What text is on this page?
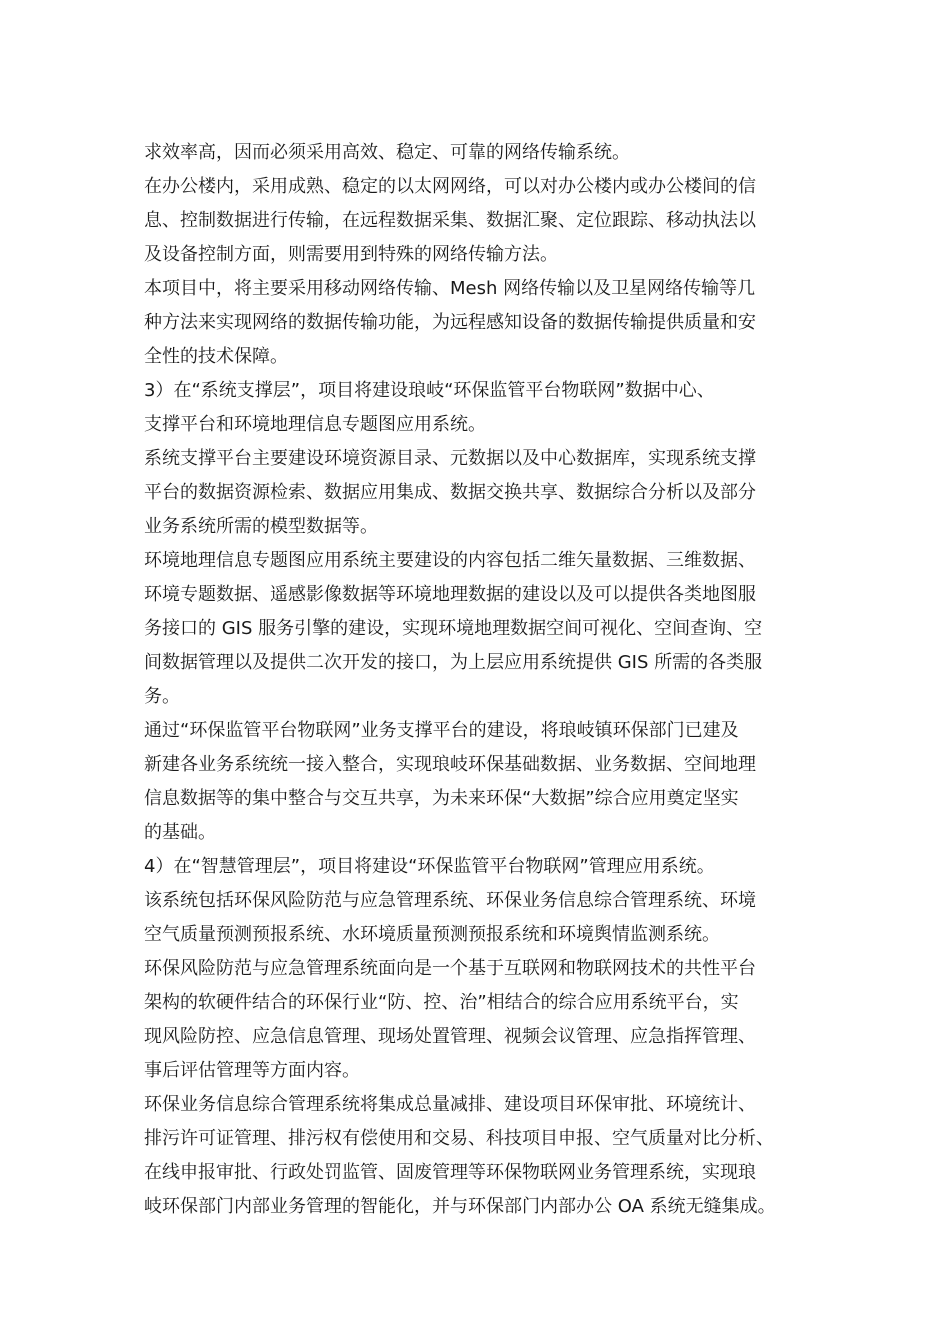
求效率高，因而必须采用高效、稳定、可靠的网络传输系统。
在办公楼内，采用成熟、稳定的以太网网络，可以对办公楼内或办公楼间的信
息、控制数据进行传输，在远程数据采集、数据汇聚、定位跟踪、移动执法以
及设备控制方面，则需要用到特殊的网络传输方法。
本项目中，将主要采用移动网络传输、Mesh 网络传输以及卫星网络传输等几
种方法来实现网络的数据传输功能，为远程感知设备的数据传输提供质量和安
全性的技术保障。
3）在“系统支撑层”，项目将建设琅岐“环保监管平台物联网”数据中心、
支撑平台和环境地理信息专题图应用系统。
系统支撑平台主要建设环境资源目录、元数据以及中心数据库，实现系统支撑
平台的数据资源检索、数据应用集成、数据交换共享、数据综合分析以及部分
业务系统所需的模型数据等。
环境地理信息专题图应用系统主要建设的内容包括二维矢量数据、三维数据、
环境专题数据、遥感影像数据等环境地理数据的建设以及可以提供各类地图服
务接口的 GIS 服务引擎的建设，实现环境地理数据空间可视化、空间查询、空
间数据管理以及提供二次开发的接口，为上层应用系统提供 GIS 所需的各类服
务。
通过“环保监管平台物联网”业务支撑平台的建设，将琅岐镇环保部门已建及
新建各业务系统统一接入整合，实现琅岐环保基础数据、业务数据、空间地理
信息数据等的集中整合与交互共享，为未来环保“大数据”综合应用奠定坚实
的基础。
4）在“智慧管理层”，项目将建设“环保监管平台物联网”管理应用系统。
该系统包括环保风险防范与应急管理系统、环保业务信息综合管理系统、环境
空气质量预测预报系统、水环境质量预测预报系统和环境舆情监测系统。
环保风险防范与应急管理系统面向是一个基于互联网和物联网技术的共性平台
架构的软硬件结合的环保行业“防、控、治”相结合的综合应用系统平台，实
现风险防控、应急信息管理、现场处置管理、视频会议管理、应急指挥管理、
事后评估管理等方面内容。
环保业务信息综合管理系统将集成总量减排、建设项目环保审批、环境统计、
排污许可证管理、排污权有偿使用和交易、科技项目申报、空气质量对比分析、
在线申报审批、行政处罚监管、固废管理等环保物联网业务管理系统，实现琅
岐环保部门内部业务管理的智能化，并与环保部门内部办公 OA 系统无缝集成。
